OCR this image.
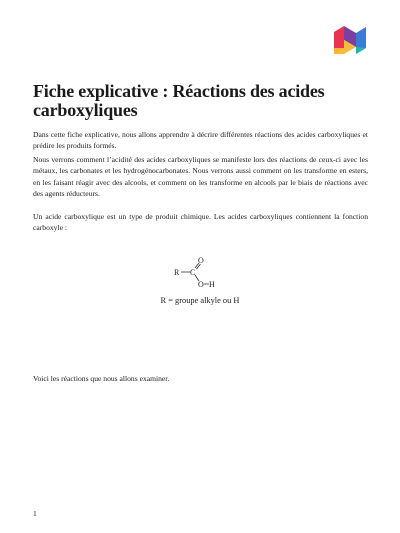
Fiche explicative : Réactions des acides carboxyliques

Dans cette fiche explicative, nous allons apprendre à décrire différentes réactions des acides carboxyliques et prédire les produits formés.

Nous verrons comment l’acidité des acides carboxyliques se manifeste lors des réactions de ceux-ci avec les métaux, les carbonates et les hydrogénocarbonates. Nous verrons aussi comment on les transforme en esters, en les faisant réagir avec des alcools, et comment on les transforme en alcools par le biais de réactions avec des agents réducteurs.

Un acide carboxylique est un type de produit chimique. Les acides carboxyliques contiennent la fonction carboxyle :

R C
O
O H
R = groupe alkyle ou H

Voici les réactions que nous allons examiner.

1
